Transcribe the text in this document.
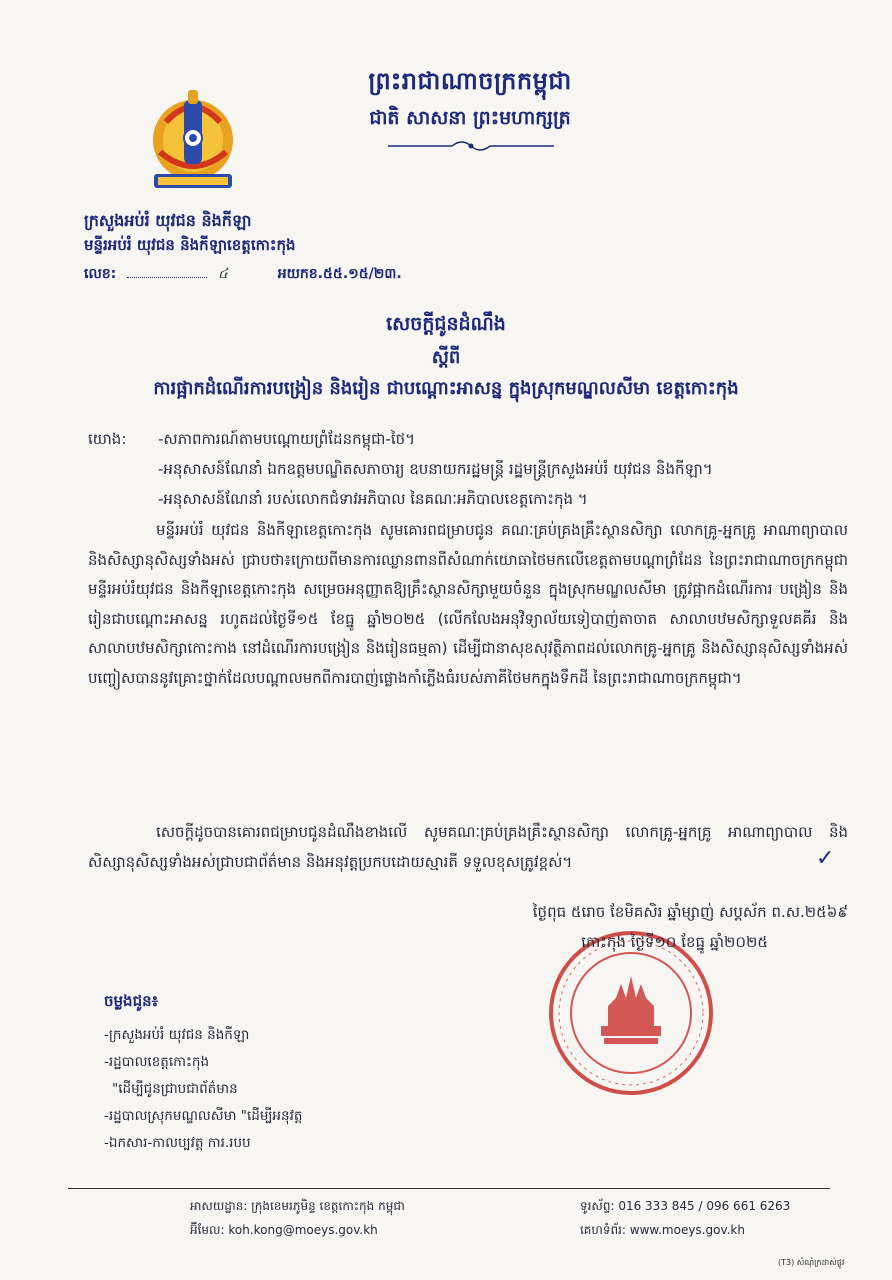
ព្រះរាជាណាចក្រកម្ពុជា
ជាតិ សាសនា ព្រះមហាក្សត្រ
ក្រសួងអប់រំ យុវជន និងកីឡា
មន្ទីរអប់រំ យុវជន និងកីឡាខេត្តកោះកុង
លេខ:	៤	អយកខ.៥៥.១៥/២៣.
សេចក្ដីជូនដំណឹង
ស្ដីពី
ការផ្អាកដំណើរការបង្រៀន និងរៀន ជាបណ្ដោះអាសន្ន ក្នុងស្រុកមណ្ឌលសីមា ខេត្តកោះកុង
យោង:	-សភាពការណ៍តាមបណ្ដោយព្រំដែនកម្ពុជា-ថៃ។
-អនុសាសន៍ណែនាំ ឯកឧត្ដមបណ្ឌិតសភាចារ្យ ឧបនាយករដ្ឋមន្ត្រី រដ្ឋមន្ត្រីក្រសួងអប់រំ យុវជន និងកីឡា។
-អនុសាសន៍ណែនាំ របស់លោកជំទាវអភិបាល នៃគណៈអភិបាលខេត្តកោះកុង ។
មន្ទីរអប់រំ យុវជន និងកីឡាខេត្តកោះកុង សូមគោរពជម្រាបជូន គណៈគ្រប់គ្រងគ្រឹះស្ថានសិក្សា លោកគ្រូ-អ្នកគ្រូ អាណាព្យាបាល និងសិស្សានុសិស្សទាំងអស់ ជ្រាបថា៖ក្រោយពីមានការឈ្លានពានពីសំណាក់យោធាថៃមកលើខេត្តតាមបណ្ដាព្រំដែន នៃព្រះរាជាណាចក្រកម្ពុជា មន្ទីរអប់រំយុវជន និងកីឡាខេត្តកោះកុង សម្រេចអនុញ្ញាតឱ្យគ្រឹះស្ថានសិក្សាមួយចំនួន ក្នុងស្រុកមណ្ឌលសីមា ត្រូវផ្អាកដំណើរការ បង្រៀន និងរៀនជាបណ្ដោះអាសន្ន រហូតដល់ថ្ងៃទី១៥ ខែធ្នូ ឆ្នាំ២០២៥ (លើកលែងអនុវិទ្យាល័យទៀបាញ់តាចាត សាលាបឋមសិក្សាទួលគគីរ និងសាលាបឋមសិក្សាកោះកាង នៅដំណើរការបង្រៀន និងរៀនធម្មតា) ដើម្បីជានាសុខសុវត្ថិភាពដល់លោកគ្រូ-អ្នកគ្រូ និងសិស្សានុសិស្សទាំងអស់ បញ្ចៀសបាននូវគ្រោះថ្នាក់ដែលបណ្ដាលមកពីការបាញ់ផ្លោងកាំភ្លើងធំរបស់ភាគីថៃមកក្នុងទឹកដី នៃព្រះរាជាណាចក្រកម្ពុជា។
សេចក្ដីដូចបានគោរពជម្រាបជូនដំណឹងខាងលើ សូមគណៈគ្រប់គ្រងគ្រឹះស្ថានសិក្សា លោកគ្រូ-អ្នកគ្រូ អាណាព្យាបាល និងសិស្សានុសិស្សទាំងអស់ជ្រាបជាព័ត៌មាន និងអនុវត្តប្រកបដោយស្មារតី ទទួលខុសត្រូវខ្ពស់។	✓
ថ្ងៃពុធ ៥រោច ខែមិគសិរ ឆ្នាំម្សាញ់ សប្តស័ក ព.ស.២៥៦៩
កោះកុង ថ្ងៃទី១០ ខែធ្នូ ឆ្នាំ២០២៥
ចម្លងជូន៖
-ក្រសួងអប់រំ យុវជន និងកីឡា
-រដ្ឋបាលខេត្តកោះកុង
"ដើម្បីជូនជ្រាបជាព័ត៌មាន
-រដ្ឋបាលស្រុកមណ្ឌលសីមា "ដើម្បីអនុវត្ត
-ឯកសារ-កាលប្បវត្ត ការ.របប
អាសយដ្ឋាន: ក្រុងខេមរភូមិន្ទ ខេត្តកោះកុង កម្ពុជា
អ៊ីមែល: koh.kong@moeys.gov.kh
ទូរស័ព្ទ: 016 333 845 / 096 661 6263
គេហទំព័រ: www.moeys.gov.kh
(T3) សំណុំក្រដាស់ផ្លូវ
